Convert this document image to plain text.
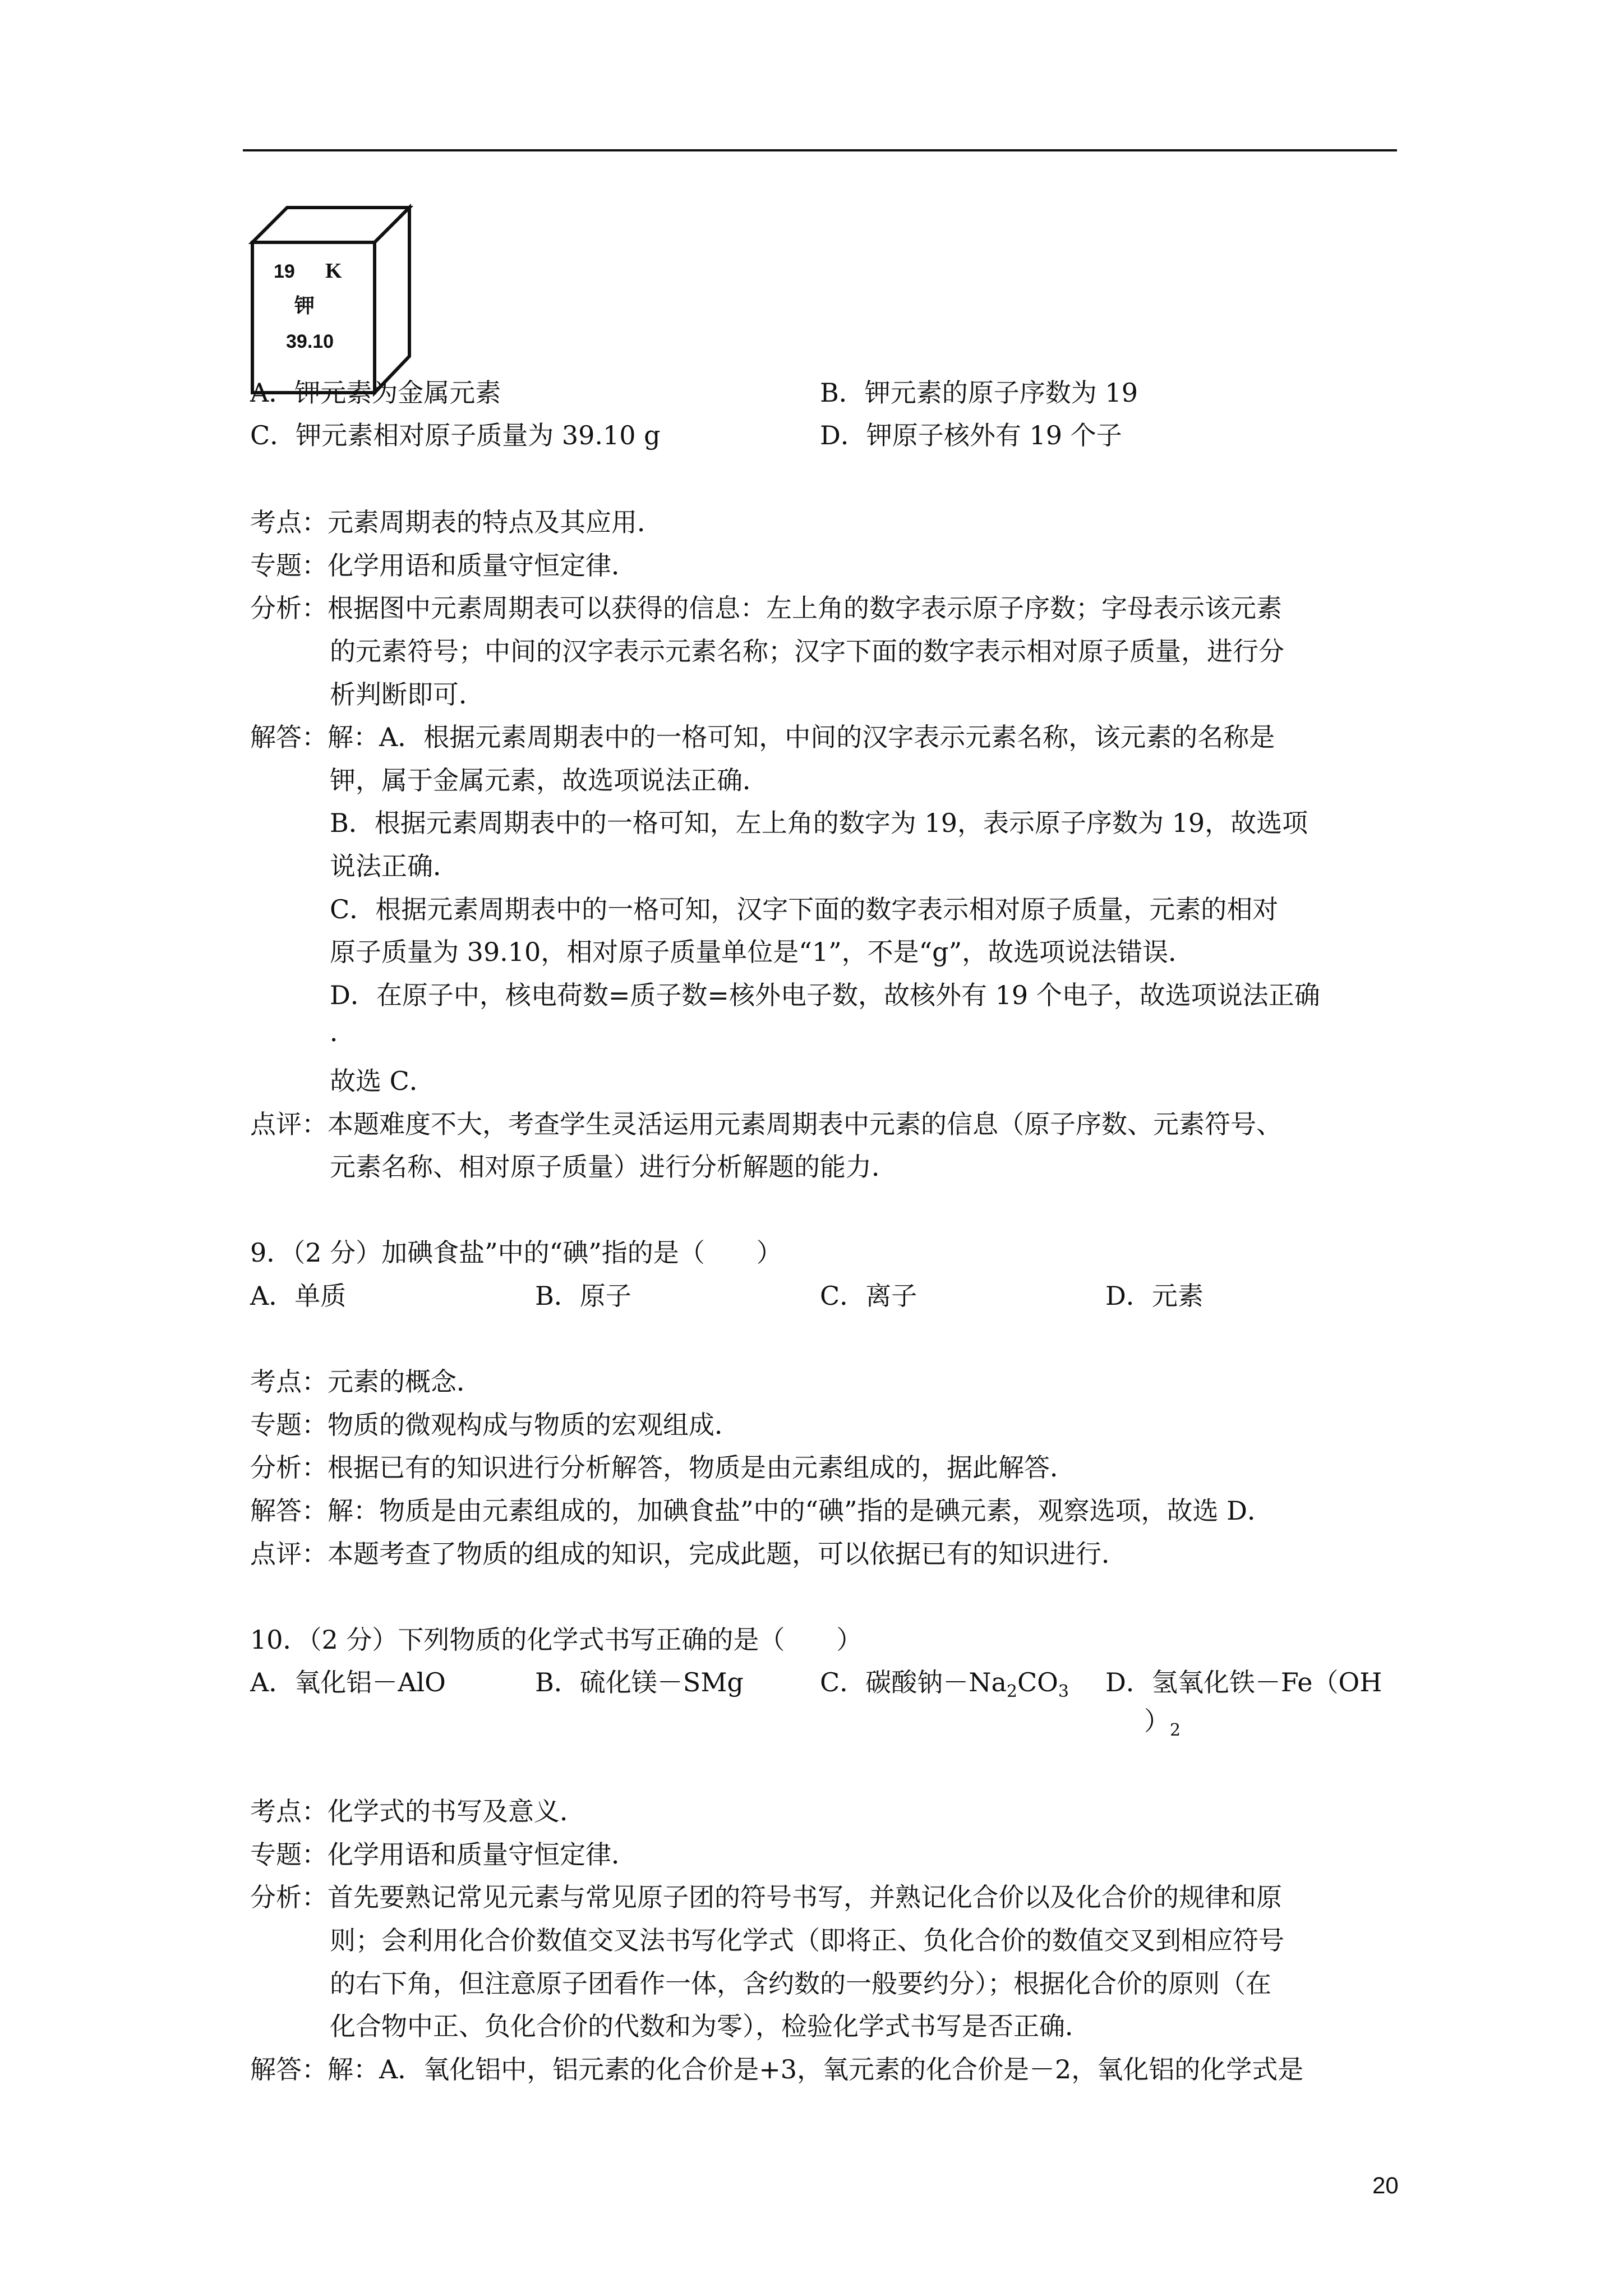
19 K
钾
39.10
A．钾元素为金属元素	B．钾元素的原子序数为 19
C．钾元素相对原子质量为 39.10 g	D．钾原子核外有 19 个子
考点：元素周期表的特点及其应用．
专题：化学用语和质量守恒定律．
分析：根据图中元素周期表可以获得的信息：左上角的数字表示原子序数；字母表示该元素
的元素符号；中间的汉字表示元素名称；汉字下面的数字表示相对原子质量，进行分
析判断即可．
解答：解：A．根据元素周期表中的一格可知，中间的汉字表示元素名称，该元素的名称是
钾，属于金属元素，故选项说法正确．
B．根据元素周期表中的一格可知，左上角的数字为 19，表示原子序数为 19，故选项
说法正确．
C．根据元素周期表中的一格可知，汉字下面的数字表示相对原子质量，元素的相对
原子质量为 39.10，相对原子质量单位是“1”，不是“g”，故选项说法错误．
D．在原子中，核电荷数=质子数=核外电子数，故核外有 19 个电子，故选项说法正确
．
故选 C．
点评：本题难度不大，考查学生灵活运用元素周期表中元素的信息（原子序数、元素符号、
元素名称、相对原子质量）进行分析解题的能力．
9．（2 分）加碘食盐”中的“碘”指的是（　　）
A．单质	B．原子	C．离子	D．元素
考点：元素的概念．
专题：物质的微观构成与物质的宏观组成．
分析：根据已有的知识进行分析解答，物质是由元素组成的，据此解答．
解答：解：物质是由元素组成的，加碘食盐”中的“碘”指的是碘元素，观察选项，故选 D．
点评：本题考查了物质的组成的知识，完成此题，可以依据已有的知识进行．
10．（2 分）下列物质的化学式书写正确的是（　　）
A．氧化铝－AlO	B．硫化镁－SMg	C．碳酸钠$-Na_2CO_3$ D．氢氧化铁－Fe（OH
）$_2$
考点：化学式的书写及意义．
专题：化学用语和质量守恒定律．
分析：首先要熟记常见元素与常见原子团的符号书写，并熟记化合价以及化合价的规律和原
则；会利用化合价数值交叉法书写化学式（即将正、负化合价的数值交叉到相应符号
的右下角，但注意原子团看作一体，含约数的一般要约分）；根据化合价的原则（在
化合物中正、负化合价的代数和为零），检验化学式书写是否正确．
解答：解：A．氧化铝中，铝元素的化合价是+3，氧元素的化合价是－2，氧化铝的化学式是
20
